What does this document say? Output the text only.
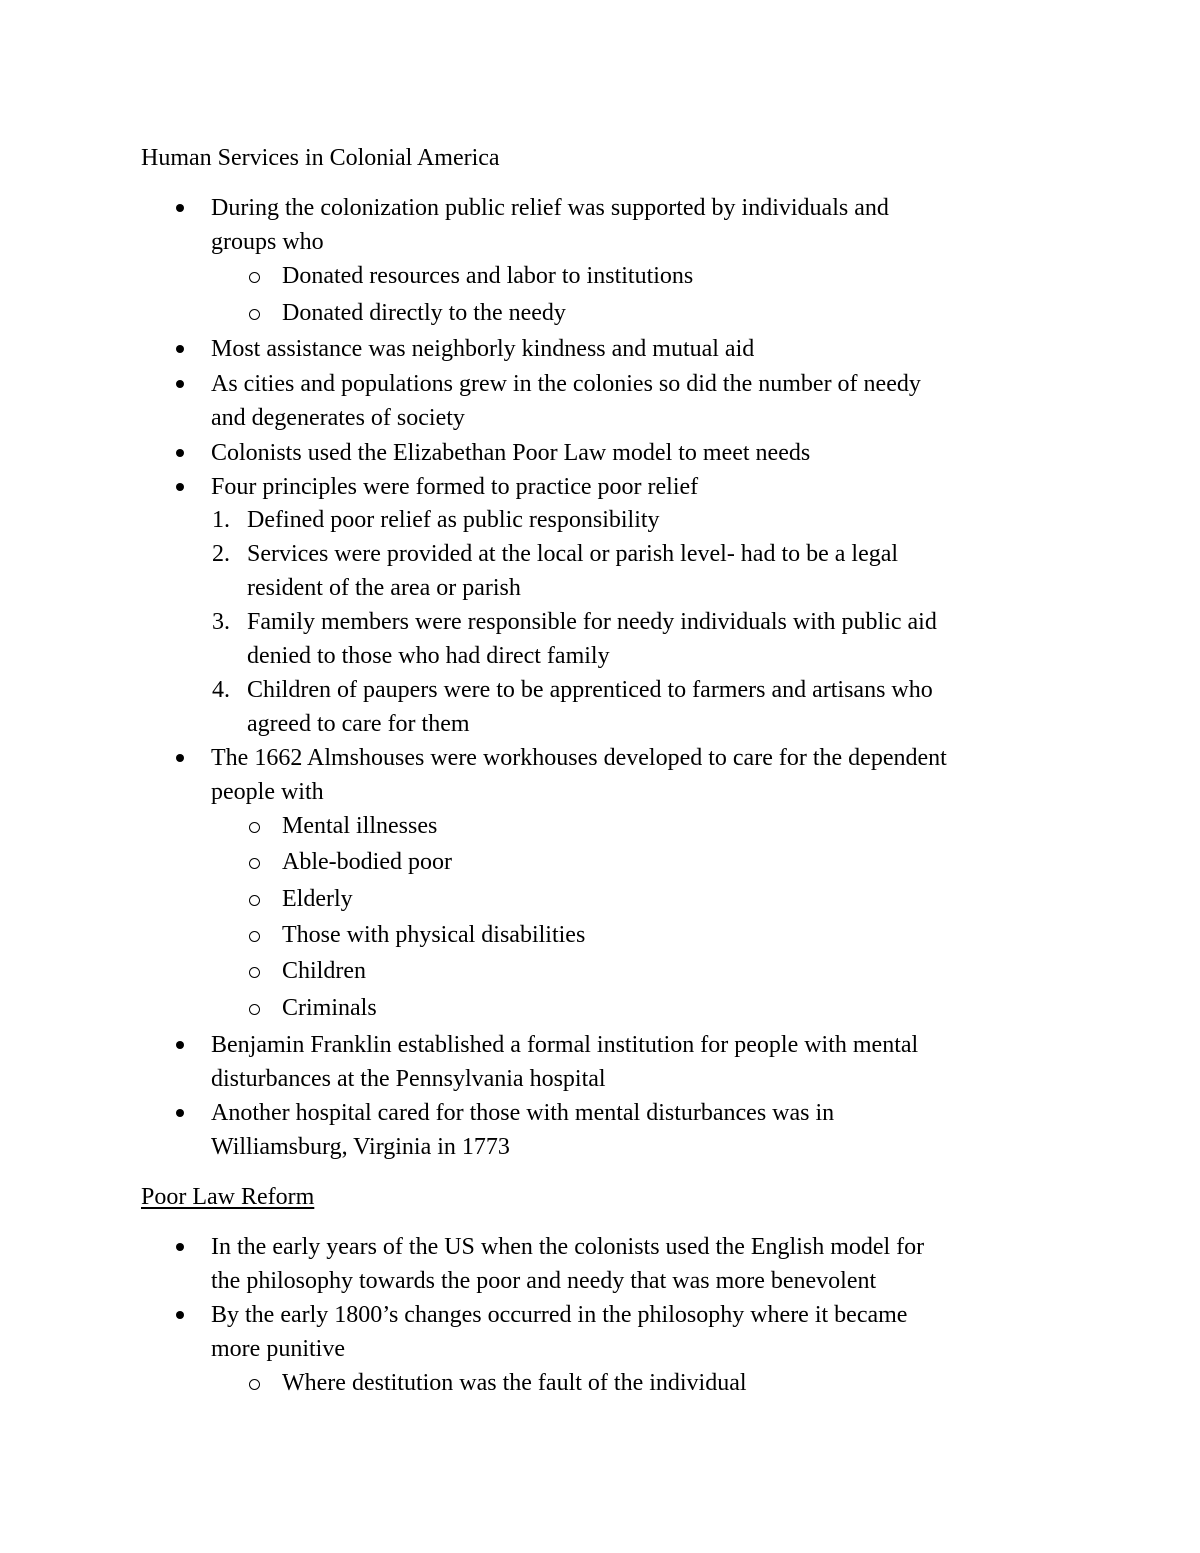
Human Services in Colonial America
During the colonization public relief was supported by individuals and
groups who
Donated resources and labor to institutions
Donated directly to the needy
Most assistance was neighborly kindness and mutual aid
As cities and populations grew in the colonies so did the number of needy
and degenerates of society
Colonists used the Elizabethan Poor Law model to meet needs
Four principles were formed to practice poor relief
1. Defined poor relief as public responsibility
2. Services were provided at the local or parish level- had to be a legal
resident of the area or parish
3. Family members were responsible for needy individuals with public aid
denied to those who had direct family
4. Children of paupers were to be apprenticed to farmers and artisans who
agreed to care for them
The 1662 Almshouses were workhouses developed to care for the dependent
people with
Mental illnesses
Able-bodied poor
Elderly
Those with physical disabilities
Children
Criminals
Benjamin Franklin established a formal institution for people with mental
disturbances at the Pennsylvania hospital
Another hospital cared for those with mental disturbances was in
Williamsburg, Virginia in 1773
Poor Law Reform
In the early years of the US when the colonists used the English model for
the philosophy towards the poor and needy that was more benevolent
By the early 1800’s changes occurred in the philosophy where it became
more punitive
Where destitution was the fault of the individual
